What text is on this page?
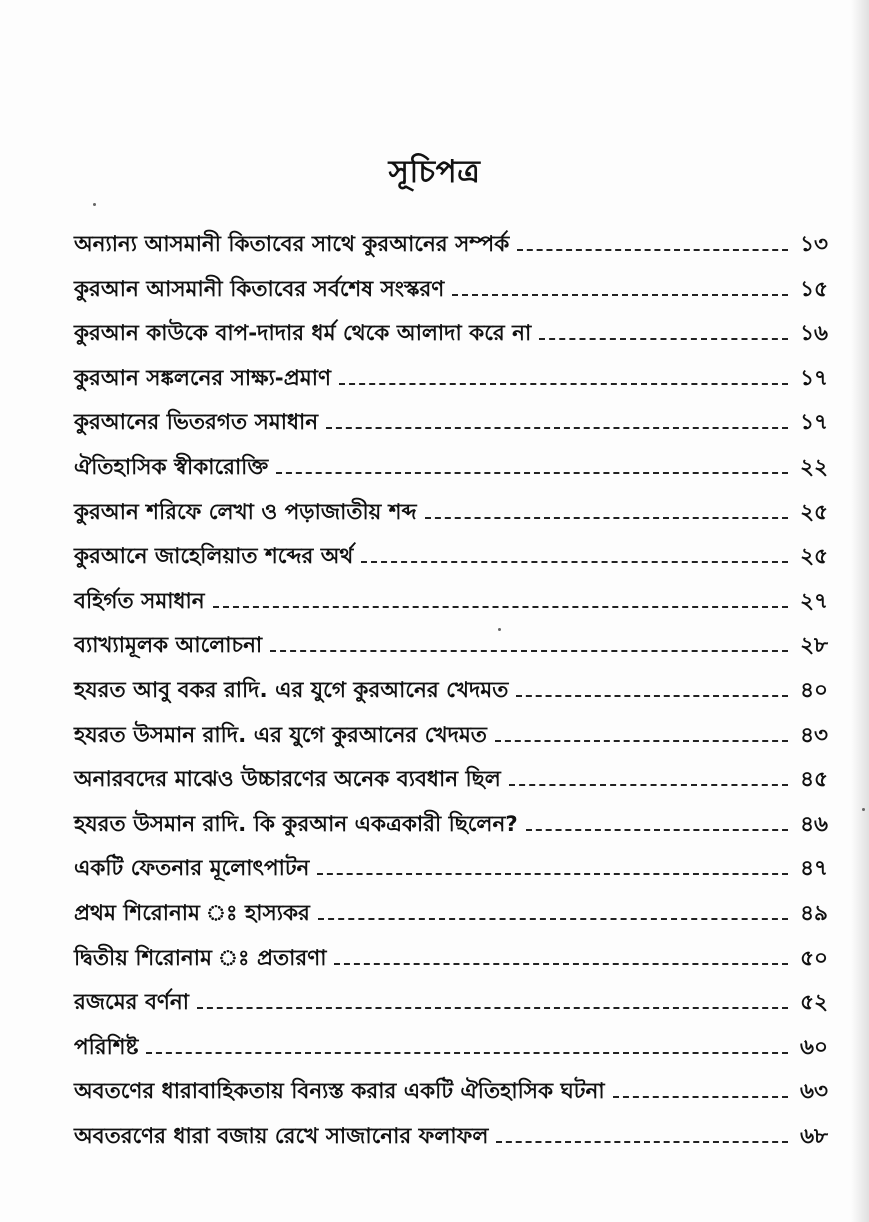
সূচিপত্র
অন্যান্য আসমানী কিতাবের সাথে কুরআনের সম্পর্ক	১৩
কুরআন আসমানী কিতাবের সর্বশেষ সংস্করণ	১৫
কুরআন কাউকে বাপ-দাদার ধর্ম থেকে আলাদা করে না	১৬
কুরআন সঙ্কলনের সাক্ষ্য-প্রমাণ	১৭
কুরআনের ভিতরগত সমাধান	১৭
ঐতিহাসিক স্বীকারোক্তি	২২
কুরআন শরিফে লেখা ও পড়াজাতীয় শব্দ	২৫
কুরআনে জাহেলিয়াত শব্দের অর্থ	২৫
বহির্গত সমাধান	২৭
ব্যাখ্যামূলক আলোচনা	২৮
হযরত আবু বকর রাদি. এর যুগে কুরআনের খেদমত	৪০
হযরত উসমান রাদি. এর যুগে কুরআনের খেদমত	৪৩
অনারবদের মাঝেও উচ্চারণের অনেক ব্যবধান ছিল	৪৫
হযরত উসমান রাদি. কি কুরআন একত্রকারী ছিলেন?	৪৬
একটি ফেতনার মূলোৎপাটন	৪৭
প্রথম শিরোনাম ঃ হাস্যকর	৪৯
দ্বিতীয় শিরোনাম ঃ প্রতারণা	৫০
রজমের বর্ণনা	৫২
পরিশিষ্ট	৬০
অবতণের ধারাবাহিকতায় বিন্যস্ত করার একটি ঐতিহাসিক ঘটনা	৬৩
অবতরণের ধারা বজায় রেখে সাজানোর ফলাফল	৬৮
